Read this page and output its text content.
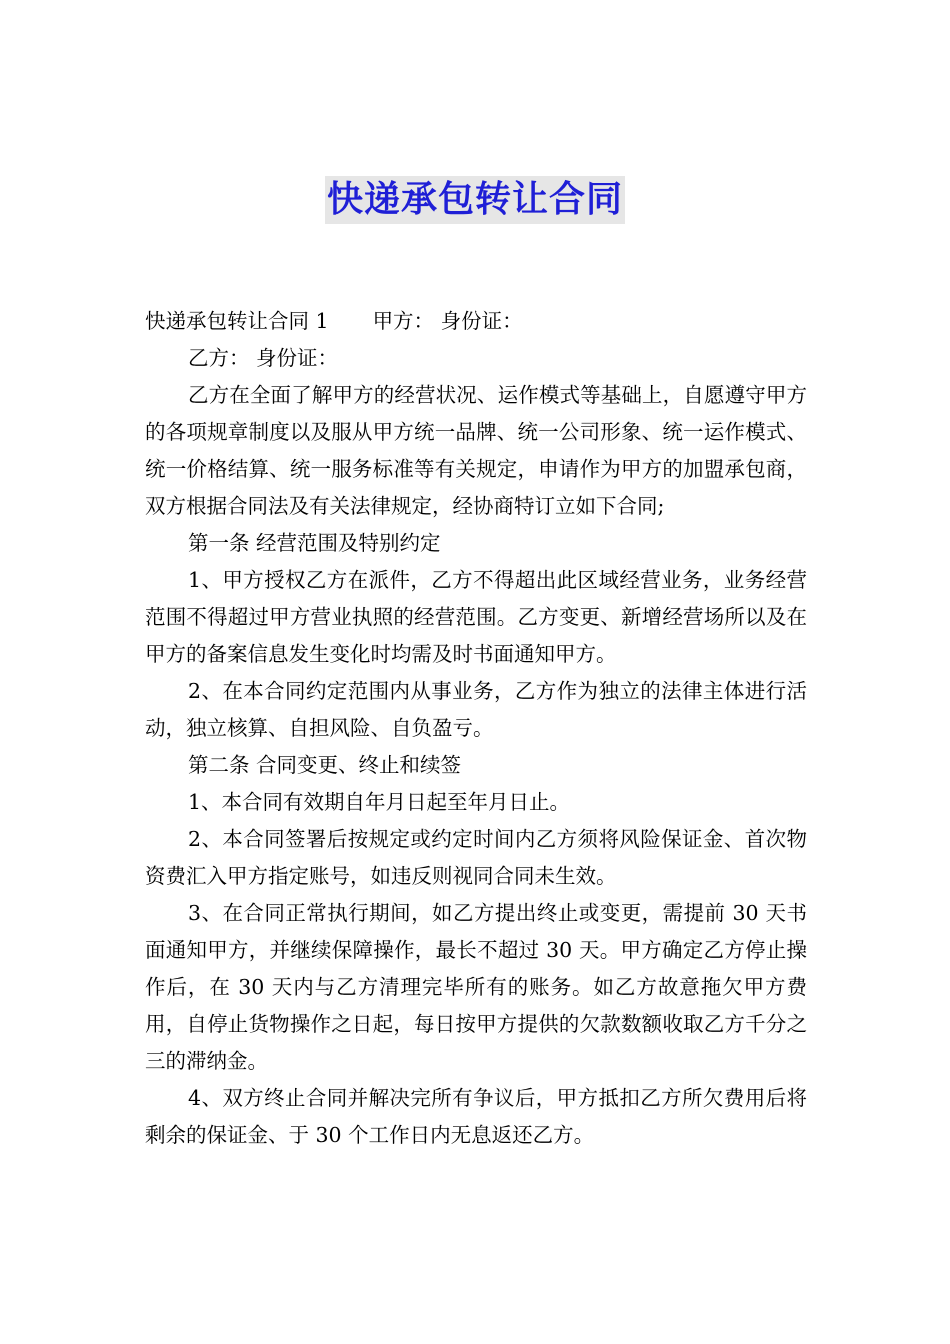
快递承包转让合同

快递承包转让合同 1 甲方： 身份证：

乙方： 身份证：

乙方在全面了解甲方的经营状况、运作模式等基础上，自愿遵守甲方的各项规章制度以及服从甲方统一品牌、统一公司形象、统一运作模式、统一价格结算、统一服务标准等有关规定，申请作为甲方的加盟承包商，双方根据合同法及有关法律规定，经协商特订立如下合同;

第一条 经营范围及特别约定

1、甲方授权乙方在派件，乙方不得超出此区域经营业务，业务经营范围不得超过甲方营业执照的经营范围。乙方变更、新增经营场所以及在甲方的备案信息发生变化时均需及时书面通知甲方。

2、在本合同约定范围内从事业务，乙方作为独立的法律主体进行活动，独立核算、自担风险、自负盈亏。

第二条 合同变更、终止和续签

1、本合同有效期自年月日起至年月日止。

2、本合同签署后按规定或约定时间内乙方须将风险保证金、首次物资费汇入甲方指定账号，如违反则视同合同未生效。

3、在合同正常执行期间，如乙方提出终止或变更，需提前 30 天书面通知甲方，并继续保障操作，最长不超过 30 天。甲方确定乙方停止操作后，在 30 天内与乙方清理完毕所有的账务。如乙方故意拖欠甲方费用，自停止货物操作之日起，每日按甲方提供的欠款数额收取乙方千分之三的滞纳金。

4、双方终止合同并解决完所有争议后，甲方抵扣乙方所欠费用后将剩余的保证金、于 30 个工作日内无息返还乙方。
